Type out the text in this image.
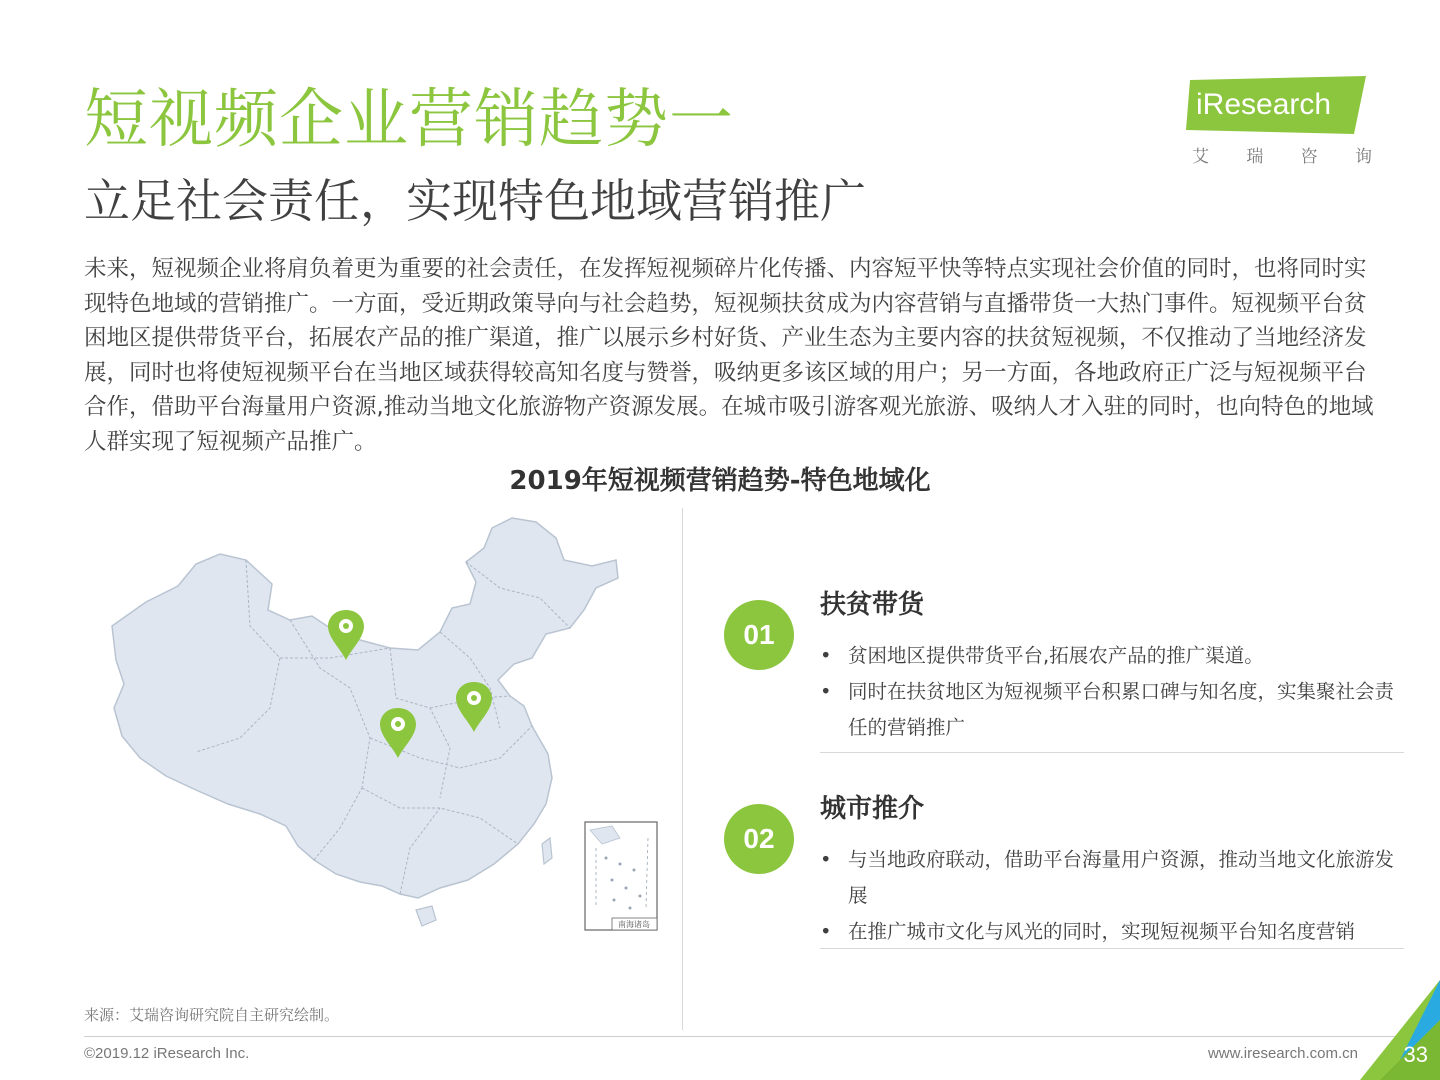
短视频企业营销趋势一
立足社会责任，实现特色地域营销推广
iResearch
艾 瑞 咨 询
未来，短视频企业将肩负着更为重要的社会责任，在发挥短视频碎片化传播、内容短平快等特点实现社会价值的同时，也将同时实现特色地域的营销推广。一方面，受近期政策导向与社会趋势，短视频扶贫成为内容营销与直播带货一大热门事件。短视频平台贫困地区提供带货平台，拓展农产品的推广渠道，推广以展示乡村好货、产业生态为主要内容的扶贫短视频，不仅推动了当地经济发展，同时也将使短视频平台在当地区域获得较高知名度与赞誉，吸纳更多该区域的用户；另一方面，各地政府正广泛与短视频平台合作，借助平台海量用户资源,推动当地文化旅游物产资源发展。在城市吸引游客观光旅游、吸纳人才入驻的同时，也向特色的地域人群实现了短视频产品推广。
2019年短视频营销趋势-特色地域化
南海诸岛
01
扶贫带货
• 贫困地区提供带货平台,拓展农产品的推广渠道。
• 同时在扶贫地区为短视频平台积累口碑与知名度，实集聚社会责任的营销推广
02
城市推介
• 与当地政府联动，借助平台海量用户资源，推动当地文化旅游发展
• 在推广城市文化与风光的同时，实现短视频平台知名度营销
来源：艾瑞咨询研究院自主研究绘制。
©2019.12 iResearch Inc.	www.iresearch.com.cn 33
